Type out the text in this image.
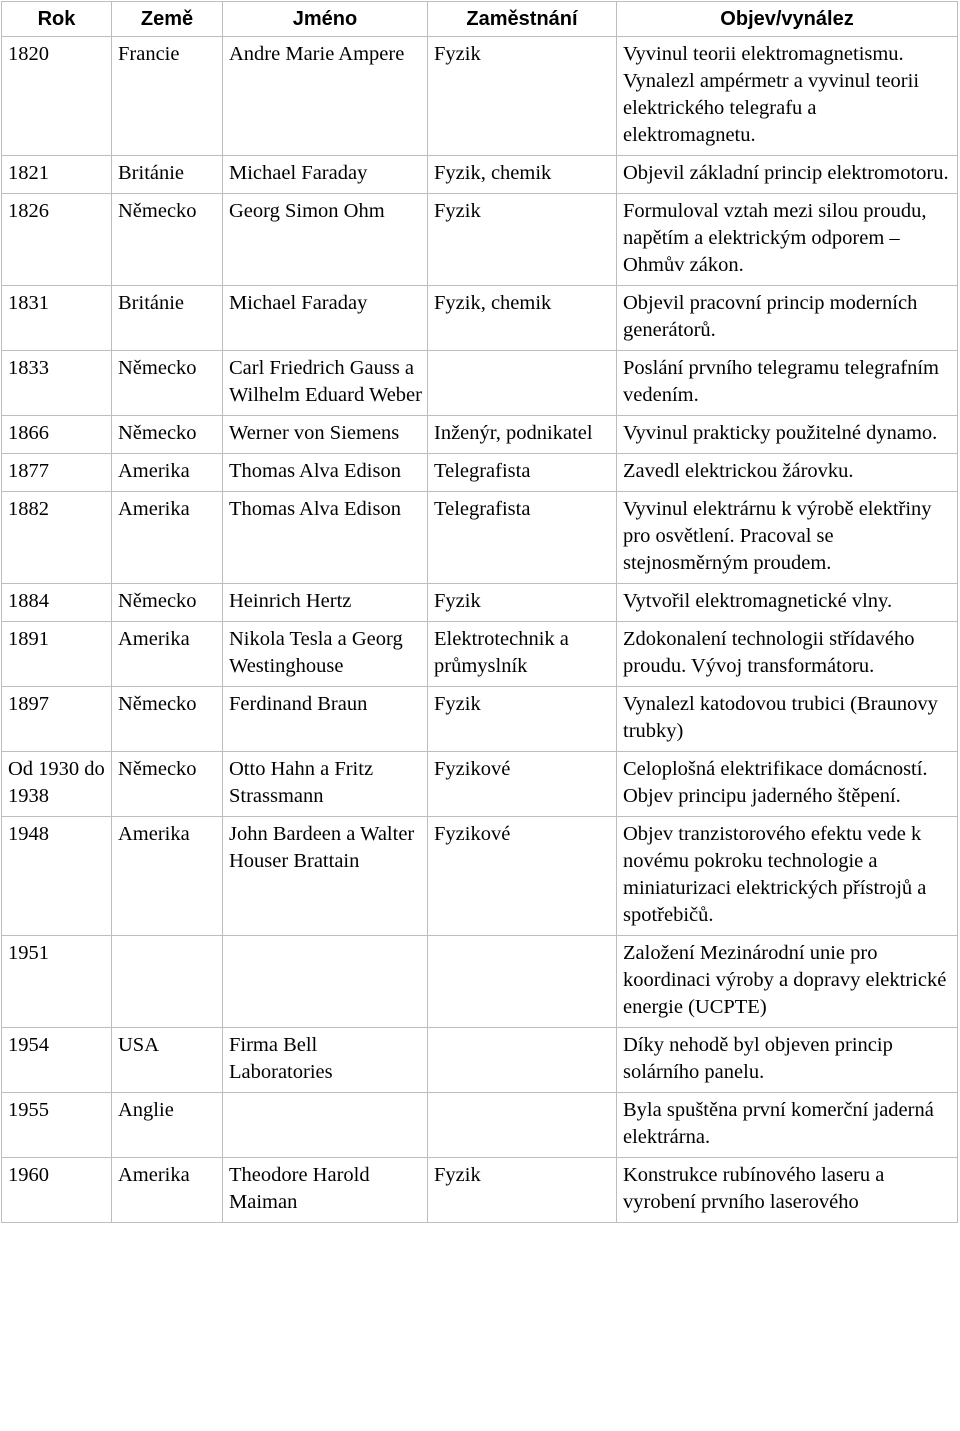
Rok	Země	Jméno	Zaměstnání	Objev/vynález
1820	Francie	Andre Marie Ampere	Fyzik	Vyvinul teorii elektromagnetismu. Vynalezl ampérmetr a vyvinul teorii elektrického telegrafu a elektromagnetu.
1821	Británie	Michael Faraday	Fyzik, chemik	Objevil základní princip elektromotoru.
1826	Německo	Georg Simon Ohm	Fyzik	Formuloval vztah mezi silou proudu, napětím a elektrickým odporem – Ohmův zákon.
1831	Británie	Michael Faraday	Fyzik, chemik	Objevil pracovní princip moderních generátorů.
1833	Německo	Carl Friedrich Gauss a Wilhelm Eduard Weber		Poslání prvního telegramu telegrafním vedením.
1866	Německo	Werner von Siemens	Inženýr, podnikatel	Vyvinul prakticky použitelné dynamo.
1877	Amerika	Thomas Alva Edison	Telegrafista	Zavedl elektrickou žárovku.
1882	Amerika	Thomas Alva Edison	Telegrafista	Vyvinul elektrárnu k výrobě elektřiny pro osvětlení. Pracoval se stejnosměrným proudem.
1884	Německo	Heinrich Hertz	Fyzik	Vytvořil elektromagnetické vlny.
1891	Amerika	Nikola Tesla a Georg Westinghouse	Elektrotechnik a průmyslník	Zdokonalení technologii střídavého proudu. Vývoj transformátoru.
1897	Německo	Ferdinand Braun	Fyzik	Vynalezl katodovou trubici (Braunovy trubky)
Od 1930 do 1938	Německo	Otto Hahn a Fritz Strassmann	Fyzikové	Celoplošná elektrifikace domácností. Objev principu jaderného štěpení.
1948	Amerika	John Bardeen a Walter Houser Brattain	Fyzikové	Objev tranzistorového efektu vede k novému pokroku technologie a miniaturizaci elektrických přístrojů a spotřebičů.
1951				Založení Mezinárodní unie pro koordinaci výroby a dopravy elektrické energie (UCPTE)
1954	USA	Firma Bell Laboratories		Díky nehodě byl objeven princip solárního panelu.
1955	Anglie			Byla spuštěna první komerční jaderná elektrárna.
1960	Amerika	Theodore Harold Maiman	Fyzik	Konstrukce rubínového laseru a vyrobení prvního laserového
